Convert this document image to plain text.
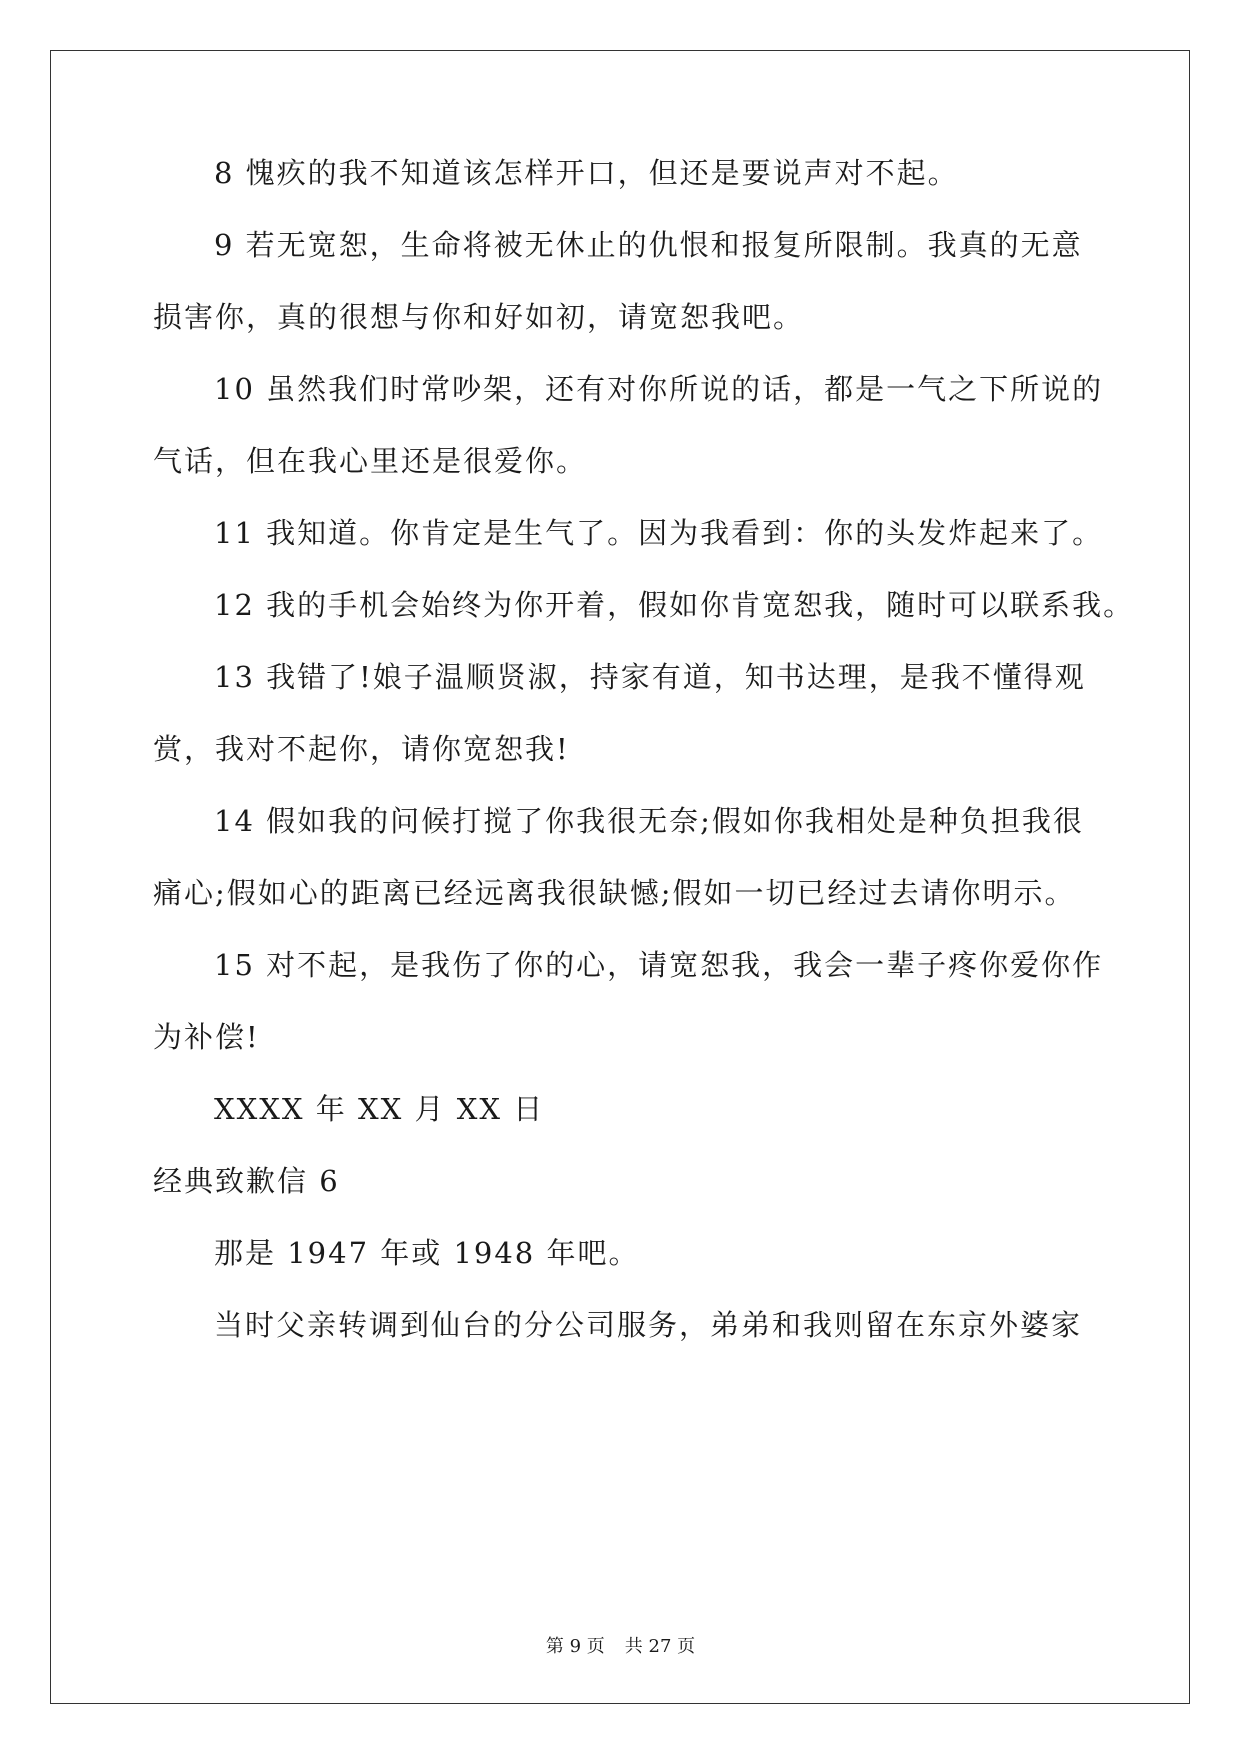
8 愧疚的我不知道该怎样开口，但还是要说声对不起。
9 若无宽恕，生命将被无休止的仇恨和报复所限制。我真的无意
损害你，真的很想与你和好如初，请宽恕我吧。
10 虽然我们时常吵架，还有对你所说的话，都是一气之下所说的
气话，但在我心里还是很爱你。
11 我知道。你肯定是生气了。因为我看到：你的头发炸起来了。
12 我的手机会始终为你开着，假如你肯宽恕我，随时可以联系我。
13 我错了!娘子温顺贤淑，持家有道，知书达理，是我不懂得观
赏，我对不起你，请你宽恕我!
14 假如我的问候打搅了你我很无奈;假如你我相处是种负担我很
痛心;假如心的距离已经远离我很缺憾;假如一切已经过去请你明示。
15 对不起，是我伤了你的心，请宽恕我，我会一辈子疼你爱你作
为补偿!
XXXX 年 XX 月 XX 日
经典致歉信 6
那是 1947 年或 1948 年吧。
当时父亲转调到仙台的分公司服务，弟弟和我则留在东京外婆家
第 9 页 共 27 页
